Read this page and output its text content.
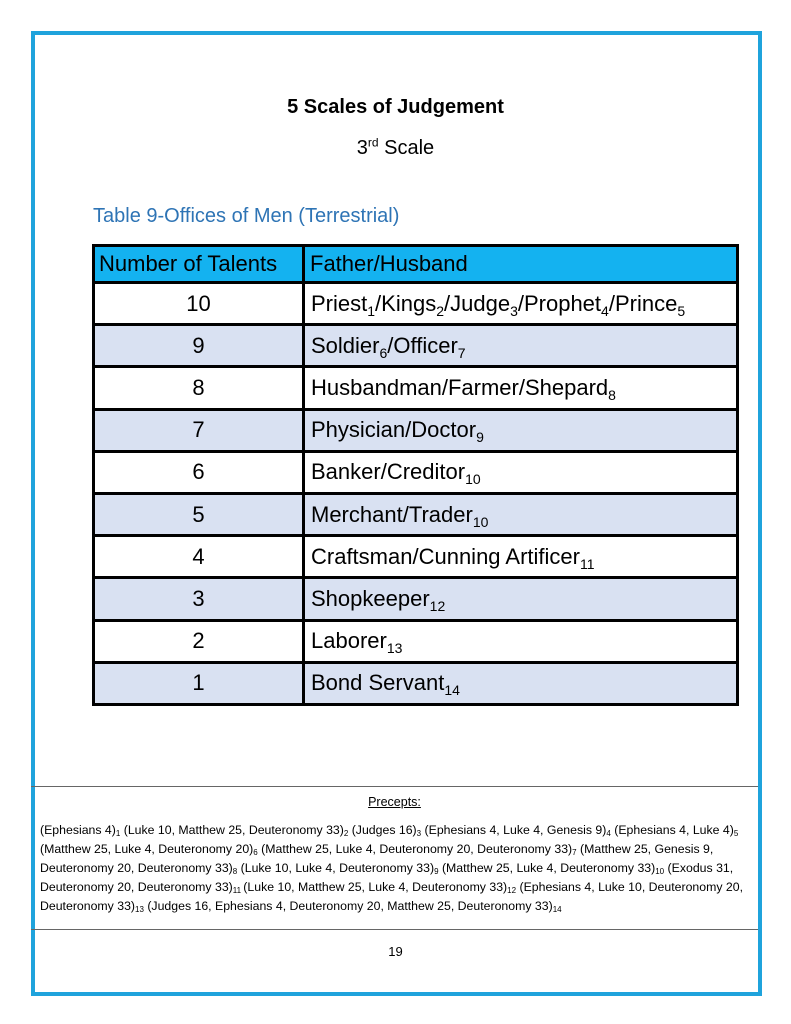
5 Scales of Judgement
3rd Scale
Table 9-Offices of Men (Terrestrial)
Number of Talents	Father/Husband
10	Priest$_1$/Kings$_2$/Judge$_3$/Prophet$_4$/Prince$_5$
9	Soldier$_6$/Officer$_7$
8	Husbandman/Farmer/Shepard$_8$
7	Physician/Doctor$_9$
6	Banker/Creditor$_{10}$
5	Merchant/Trader$_{10}$
4	Craftsman/Cunning Artificer$_{11}$
3	Shopkeeper$_{12}$
2	Laborer$_{13}$
1	Bond Servant$_{14}$
Precepts:
(Ephesians $4)_1$ (Luke 10, Matthew 25, Deuteronomy $33)_2$ (Judges $16)_3$ (Ephesians 4, Luke 4, Genesis $9)_4$ (Ephesians 4, Luke $4)_5$ (Matthew 25, Luke 4, Deuteronomy $20)_6$ (Matthew 25, Luke 4, Deuteronomy 20, Deuteronomy $33)_7$ (Matthew 25, Genesis 9, Deuteronomy 20, Deuteronomy $33)_8$ (Luke 10, Luke 4, Deuteronomy $33)_9$ (Matthew 25, Luke 4, Deuteronomy $33)_{10}$ (Exodus 31, Deuteronomy 20, Deuteronomy $33)_{11}$ (Luke 10, Matthew 25, Luke 4, Deuteronomy $33)_{12}$ (Ephesians 4, Luke 10, Deuteronomy 20, Deuteronomy $33)_{13}$ (Judges 16, Ephesians 4, Deuteronomy 20, Matthew 25, Deuteronomy $33)_{14}$
19
